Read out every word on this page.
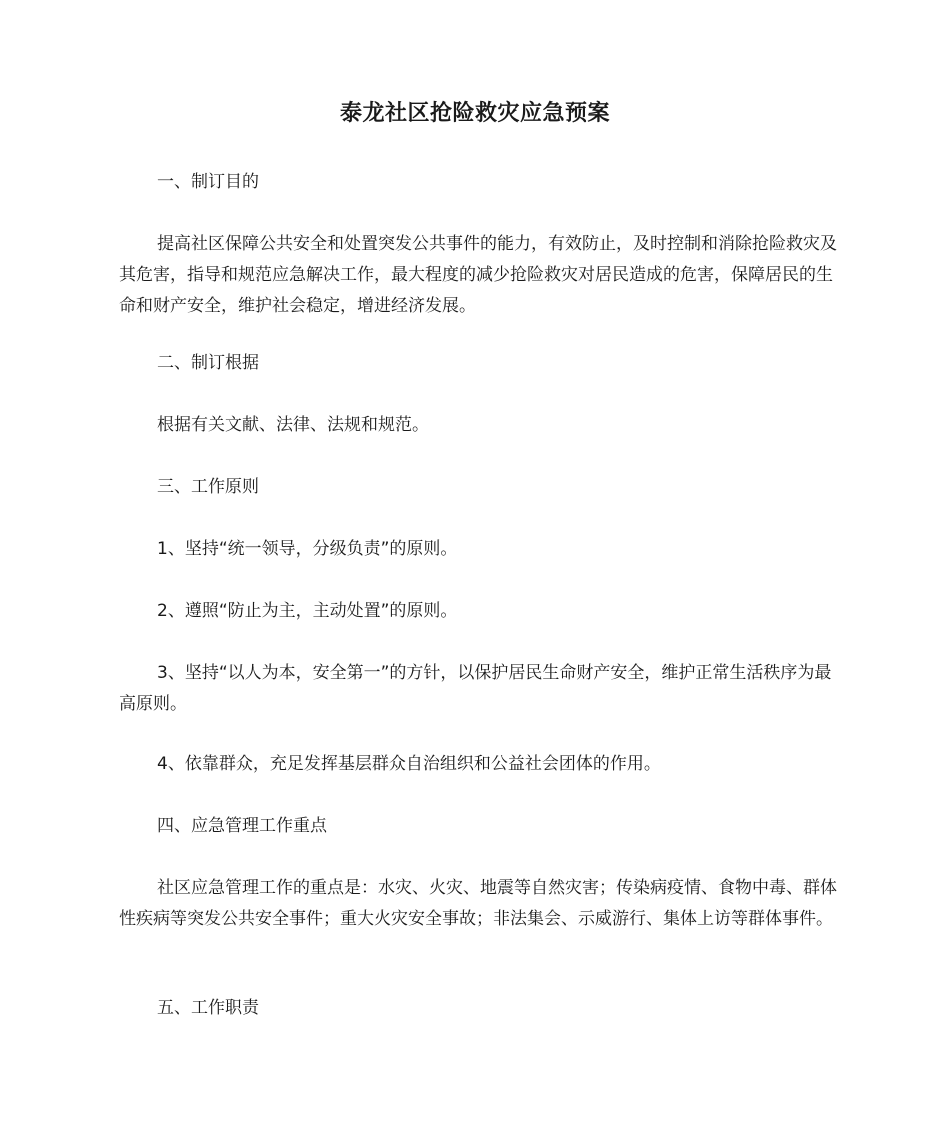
泰龙社区抢险救灾应急预案

一、制订目的

提高社区保障公共安全和处置突发公共事件的能力，有效防止，及时控制和消除抢险救灾及其危害，指导和规范应急解决工作，最大程度的减少抢险救灾对居民造成的危害，保障居民的生命和财产安全，维护社会稳定，增进经济发展。

二、制订根据

根据有关文献、法律、法规和规范。

三、工作原则

1、坚持“统一领导，分级负责”的原则。

2、遵照“防止为主，主动处置”的原则。

3、坚持“以人为本，安全第一”的方针，以保护居民生命财产安全，维护正常生活秩序为最高原则。

4、依靠群众，充足发挥基层群众自治组织和公益社会团体的作用。

四、应急管理工作重点

社区应急管理工作的重点是：水灾、火灾、地震等自然灾害；传染病疫情、食物中毒、群体性疾病等突发公共安全事件；重大火灾安全事故；非法集会、示威游行、集体上访等群体事件。

五、工作职责
